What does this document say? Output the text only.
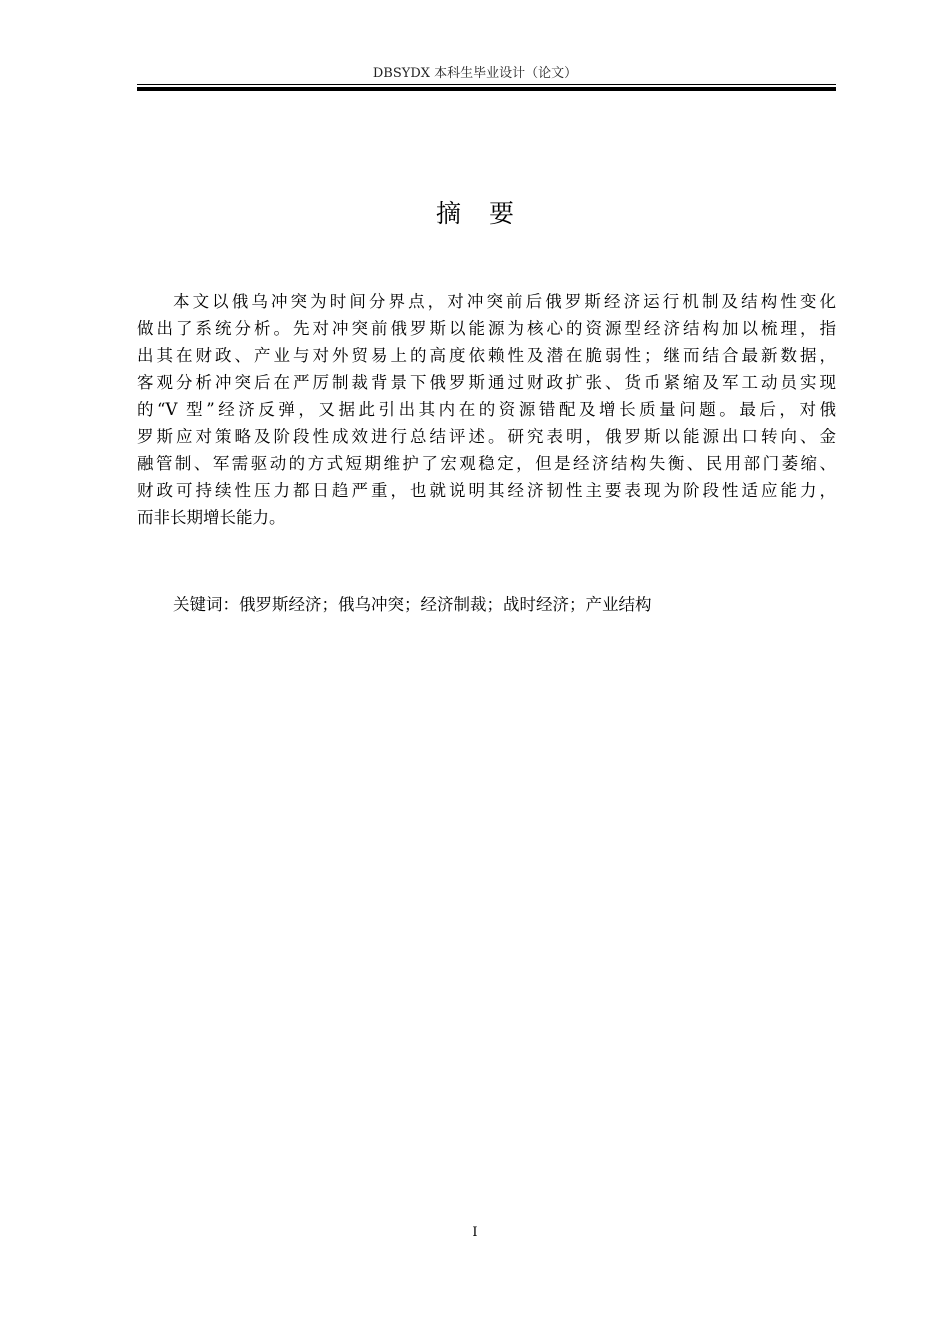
DBSYDX 本科生毕业设计（论文）
摘 要
本文以俄乌冲突为时间分界点，对冲突前后俄罗斯经济运行机制及结构性变化
做出了系统分析。先对冲突前俄罗斯以能源为核心的资源型经济结构加以梳理，指
出其在财政、产业与对外贸易上的高度依赖性及潜在脆弱性；继而结合最新数据，
客观分析冲突后在严厉制裁背景下俄罗斯通过财政扩张、货币紧缩及军工动员实现
的“V 型”经济反弹，又据此引出其内在的资源错配及增长质量问题。最后，对俄
罗斯应对策略及阶段性成效进行总结评述。研究表明，俄罗斯以能源出口转向、金
融管制、军需驱动的方式短期维护了宏观稳定，但是经济结构失衡、民用部门萎缩、
财政可持续性压力都日趋严重，也就说明其经济韧性主要表现为阶段性适应能力，
而非长期增长能力。
关键词：俄罗斯经济；俄乌冲突；经济制裁；战时经济；产业结构
I
